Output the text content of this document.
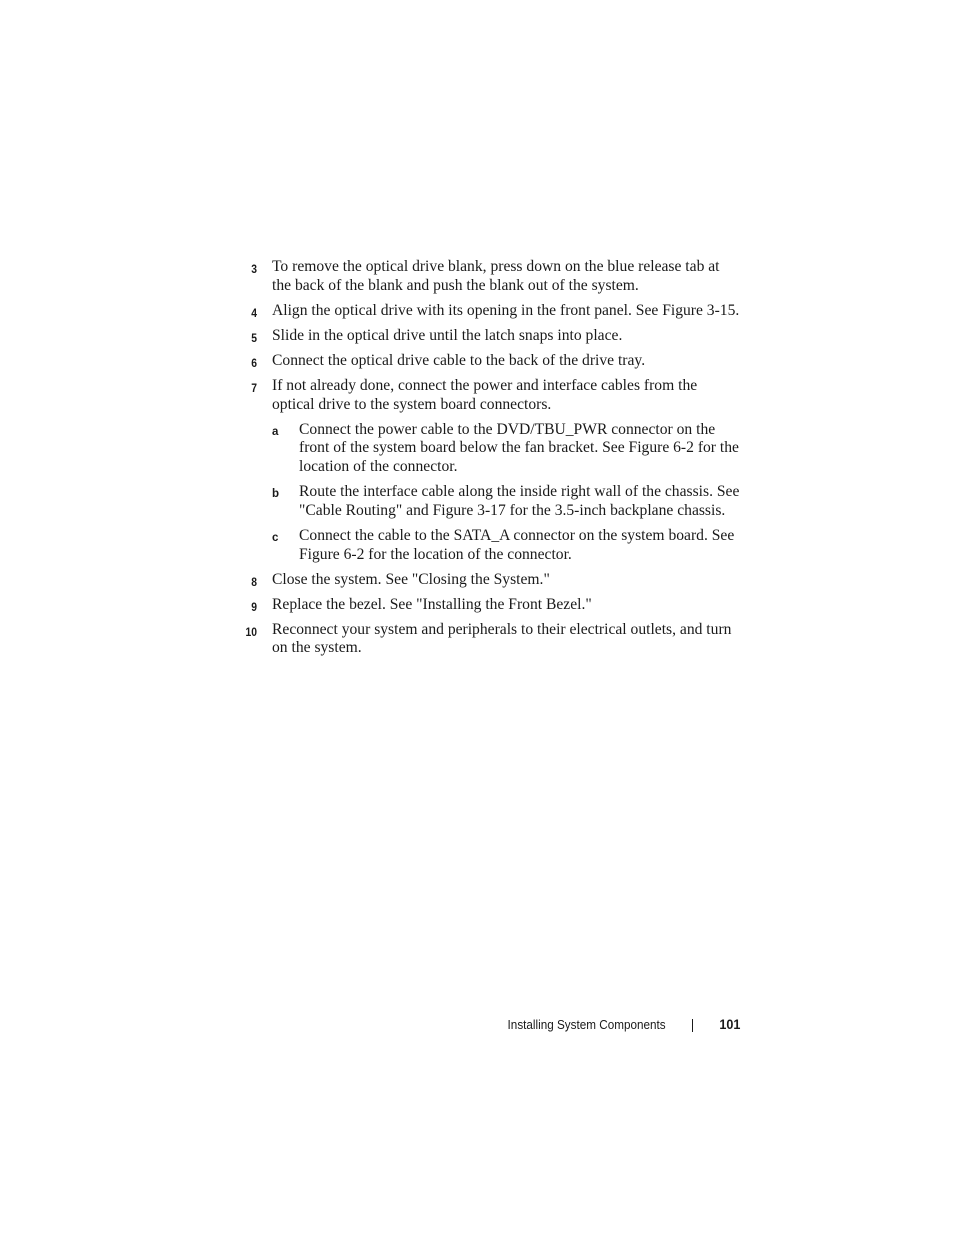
3 To remove the optical drive blank, press down on the blue release tab at the back of the blank and push the blank out of the system.
4 Align the optical drive with its opening in the front panel. See Figure 3-15.
5 Slide in the optical drive until the latch snaps into place.
6 Connect the optical drive cable to the back of the drive tray.
7 If not already done, connect the power and interface cables from the optical drive to the system board connectors.
a Connect the power cable to the DVD/TBU_PWR connector on the front of the system board below the fan bracket. See Figure 6-2 for the location of the connector.
b Route the interface cable along the inside right wall of the chassis. See "Cable Routing" and Figure 3-17 for the 3.5-inch backplane chassis.
c Connect the cable to the SATA_A connector on the system board. See Figure 6-2 for the location of the connector.
8 Close the system. See "Closing the System."
9 Replace the bezel. See "Installing the Front Bezel."
10 Reconnect your system and peripherals to their electrical outlets, and turn on the system.
Installing System Components	101
